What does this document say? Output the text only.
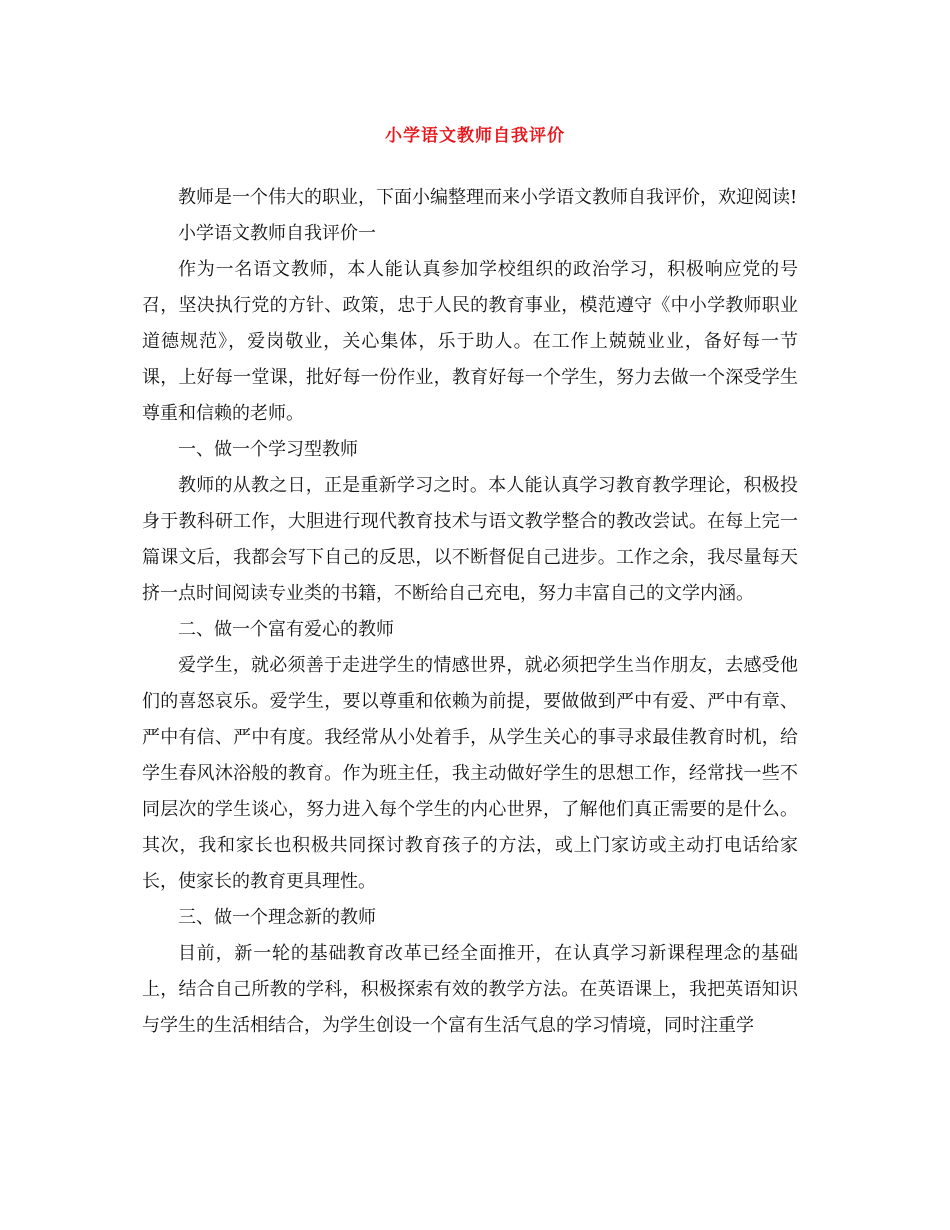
小学语文教师自我评价

教师是一个伟大的职业，下面小编整理而来小学语文教师自我评价，欢迎阅读!

小学语文教师自我评价一

作为一名语文教师，本人能认真参加学校组织的政治学习，积极响应党的号召，坚决执行党的方针、政策，忠于人民的教育事业，模范遵守《中小学教师职业道德规范》，爱岗敬业，关心集体，乐于助人。在工作上兢兢业业，备好每一节课，上好每一堂课，批好每一份作业，教育好每一个学生，努力去做一个深受学生尊重和信赖的老师。

一、做一个学习型教师

教师的从教之日，正是重新学习之时。本人能认真学习教育教学理论，积极投身于教科研工作，大胆进行现代教育技术与语文教学整合的教改尝试。在每上完一篇课文后，我都会写下自己的反思，以不断督促自己进步。工作之余，我尽量每天挤一点时间阅读专业类的书籍，不断给自己充电，努力丰富自己的文学内涵。

二、做一个富有爱心的教师

爱学生，就必须善于走进学生的情感世界，就必须把学生当作朋友，去感受他们的喜怒哀乐。爱学生，要以尊重和依赖为前提，要做做到严中有爱、严中有章、严中有信、严中有度。我经常从小处着手，从学生关心的事寻求最佳教育时机，给学生春风沐浴般的教育。作为班主任，我主动做好学生的思想工作，经常找一些不同层次的学生谈心，努力进入每个学生的内心世界，了解他们真正需要的是什么。其次，我和家长也积极共同探讨教育孩子的方法，或上门家访或主动打电话给家长，使家长的教育更具理性。

三、做一个理念新的教师

目前，新一轮的基础教育改革已经全面推开，在认真学习新课程理念的基础上，结合自己所教的学科，积极探索有效的教学方法。在英语课上，我把英语知识与学生的生活相结合，为学生创设一个富有生活气息的学习情境，同时注重学
